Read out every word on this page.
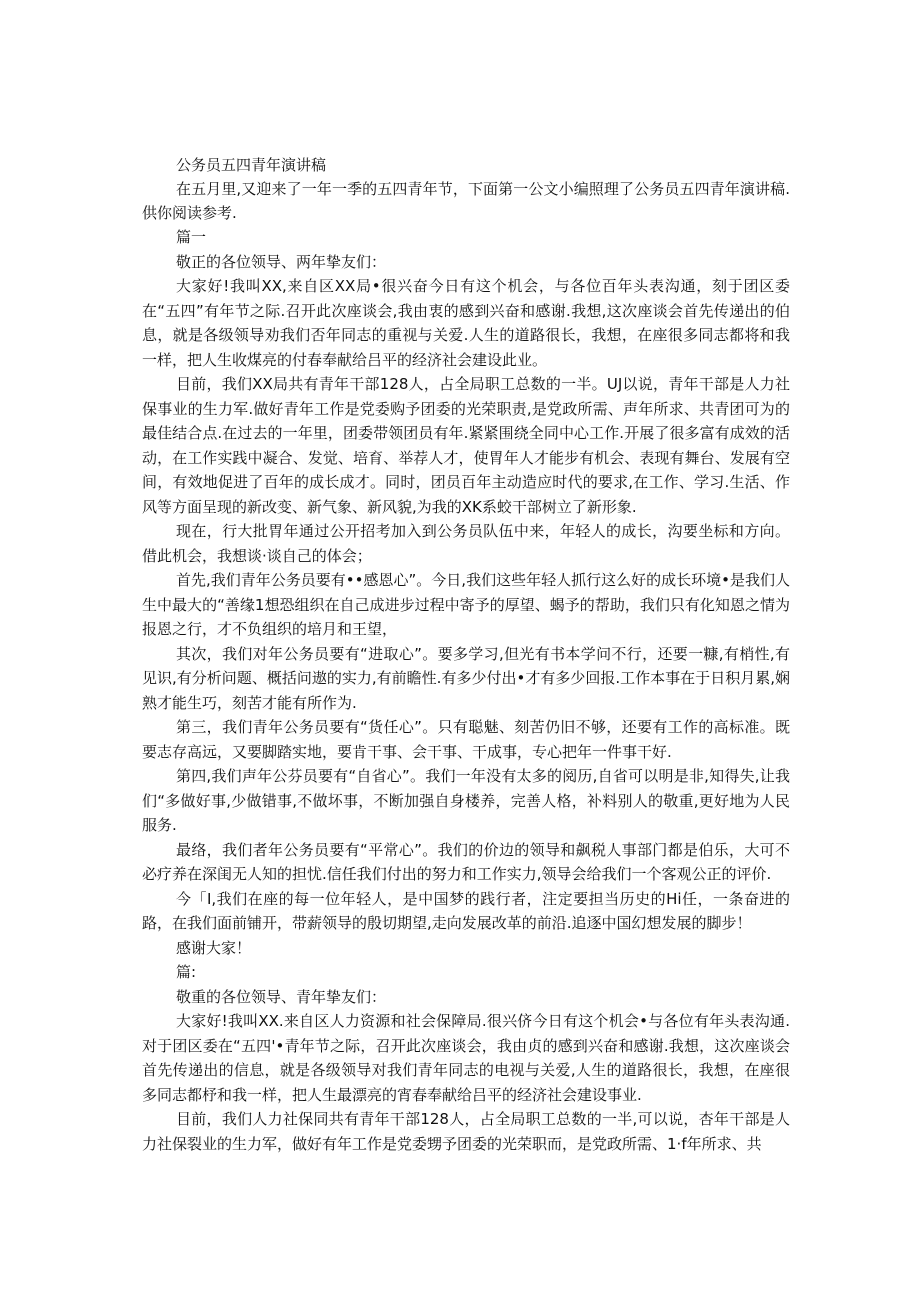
公务员五四青年演讲稿

在五月里,又迎来了一年一季的五四青年节，下面第一公文小编照理了公务员五四青年演讲稿.供你阅读参考.

篇一

敬正的各位领导、两年挚友们：

大家好!我叫XX,来自区XX局•很兴奋今日有这个机会，与各位百年头表沟通，刻于团区委在“五四”有年节之际.召开此次座谈会,我由衷的感到兴奋和感谢.我想,这次座谈会首先传递出的伯息，就是各级领导劝我们否年同志的重视与关爱.人生的道路很长，我想，在座很多同志都将和我一样，把人生收煤亮的付春奉献给吕平的经济社会建设此业。

目前，我们XX局共有青年干部128人，占全局职工总数的一半。UJ以说，青年干部是人力社保事业的生力军.做好青年工作是党委购予团委的光荣职责,是党政所需、声年所求、共青团可为的最佳结合点.在过去的一年里，团委带领团员有年.紧紧围绕全同中心工作.开展了很多富有成效的活动，在工作实践中凝合、发觉、培育、举荐人才，使胃年人才能步有机会、表现有舞台、发展有空间，有效地促进了百年的成长成才。同时，团员百年主动造应时代的要求,在工作、学习.生活、作风等方面呈现的新改变、新气象、新风貌,为我的XK系蛟干部树立了新形象.

现在，行大批胃年通过公开招考加入到公务员队伍中来，年轻人的成长，沟要坐标和方向。借此机会，我想谈·谈自己的体会；

首先,我们青年公务员要有••感恩心”。今日,我们这些年轻人抓行这么好的成长环境•是我们人生中最大的“善缘1想恐组织在自己成进步过程中寄予的厚望、蝎予的帮助，我们只有化知恩之情为报恩之行，才不负组织的培月和王望，

其次，我们对年公务员要有“进取心”。要多学习,但光有书本学问不行，还要一糠,有梢性,有见识,有分析问题、概括问遨的实力,有前瞻性.有多少付出•才有多少回报.工作本事在于日积月累,娴熟才能生巧，刻苦才能有所作为.

第三，我们青年公务员要有“货任心”。只有聪魅、刻苦仍旧不够，还要有工作的高标准。既要志存高远，又要脚踏实地，要肯干事、会干事、干成事，专心把年一件事干好.

第四,我们声年公芬员要有“自省心”。我们一年没有太多的阅历,自省可以明是非,知得失,让我们“多做好事,少做错事,不做坏事，不断加强自身楼养，完善人格，补料别人的敬重,更好地为人民服务.

最络，我们者年公务员要有“平常心”。我们的价边的领导和飙税人事部门都是伯乐，大可不必疗养在深闺无人知的担忧.信任我们付出的努力和工作实力,领导会给我们一个客观公正的评价.

今「I,我们在座的每一位年轻人，是中国梦的践行者，注定要担当历史的Hi任，一条奋进的路，在我们面前铺开，带薪领导的殷切期望,走向发展改革的前沿.追逐中国幻想发展的脚步！

感谢大家！

篇:

敬重的各位领导、青年挚友们：

大家好!我叫XX.来自区人力资源和社会保障局.很兴侪今日有这个机会•与各位有年头表沟通.对于团区委在“五四'•青年节之际，召开此次座谈会，我由贞的感到兴奋和感谢.我想，这次座谈会首先传递出的信息，就是各级领导对我们青年同志的电视与关爱,人生的道路很长，我想，在座很多同志都杼和我一样，把人生最漂亮的宵春奉献给吕平的经济社会建设事业.

目前，我们人力社保同共有青年干部128人，占全局职工总数的一半,可以说，杏年干部是人力社保裂业的生力军，做好有年工作是党委甥予团委的光荣职而，是党政所需、1·f年所求、共
